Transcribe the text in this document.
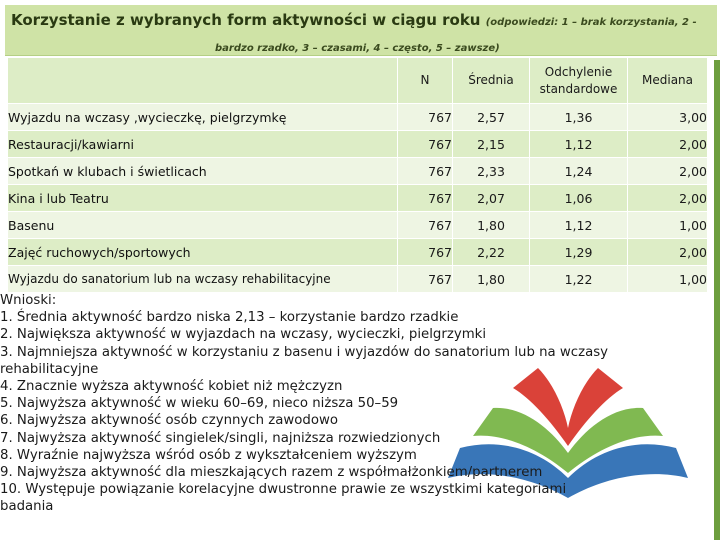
Korzystanie z wybranych form aktywności w ciągu roku (odpowiedzi: 1 – brak korzystania, 2 -
bardzo rzadko, 3 – czasami, 4 – często, 5 – zawsze)
	N	Średnia	Odchylenie standardowe	Mediana
Wyjazdu na wczasy ,wycieczkę, pielgrzymkę	767	2,57	1,36	3,00
Restauracji/kawiarni	767	2,15	1,12	2,00
Spotkań w klubach i świetlicach	767	2,33	1,24	2,00
Kina i lub Teatru	767	2,07	1,06	2,00
Basenu	767	1,80	1,12	1,00
Zajęć ruchowych/sportowych	767	2,22	1,29	2,00
Wyjazdu do sanatorium lub na wczasy rehabilitacyjne	767	1,80	1,22	1,00
Wnioski:
1. Średnia aktywność bardzo niska 2,13 – korzystanie bardzo rzadkie
2. Największa aktywność w wyjazdach na wczasy, wycieczki, pielgrzymki
3. Najmniejsza aktywność w korzystaniu z basenu i wyjazdów do sanatorium lub na wczasy
rehabilitacyjne
4. Znacznie wyższa aktywność kobiet niż mężczyzn
5. Najwyższa aktywność w wieku 60–69, nieco niższa 50–59
6. Najwyższa aktywność osób czynnych zawodowo
7. Najwyższa aktywność singielek/singli, najniższa rozwiedzionych
8. Wyraźnie najwyższa wśród osób z wykształceniem wyższym
9. Najwyższa aktywność dla mieszkających razem z współmałżonkiem/partnerem
10. Występuje powiązanie korelacyjne dwustronne prawie ze wszystkimi kategoriami
badania
